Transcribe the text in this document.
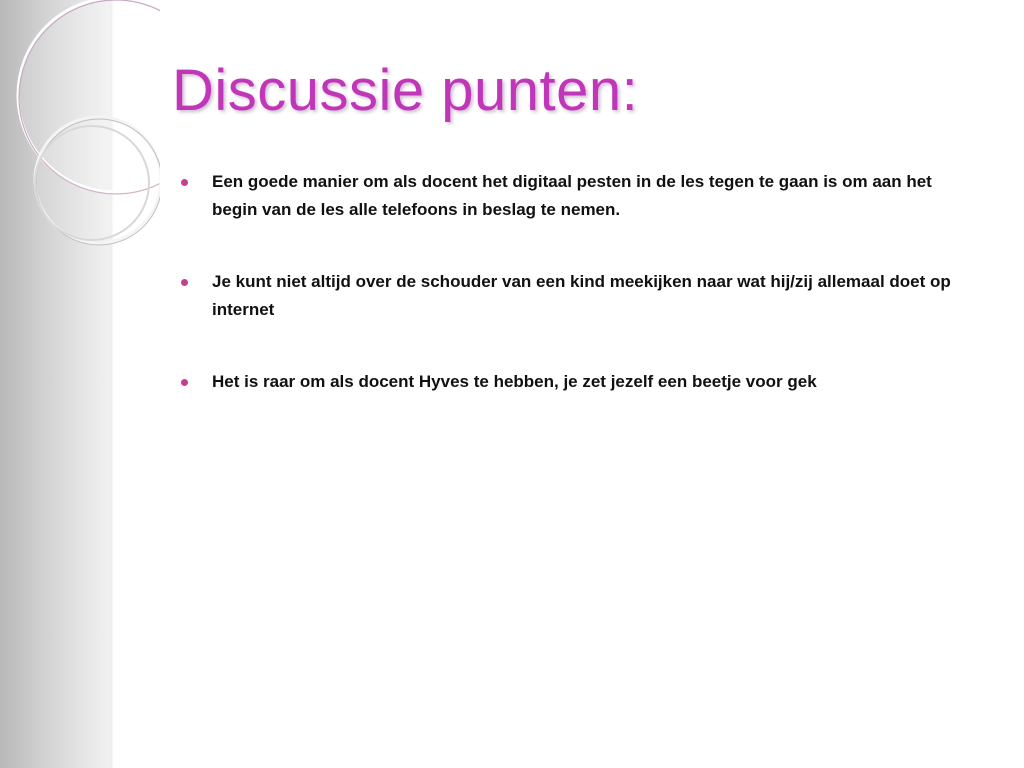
Discussie punten:
Een goede manier om als docent het digitaal pesten in de les tegen te gaan is om aan het begin van de les alle telefoons in beslag te nemen.
Je kunt niet altijd over de schouder van een kind meekijken naar wat hij/zij allemaal doet op internet
Het is raar om als docent Hyves te hebben, je zet jezelf een beetje voor gek
